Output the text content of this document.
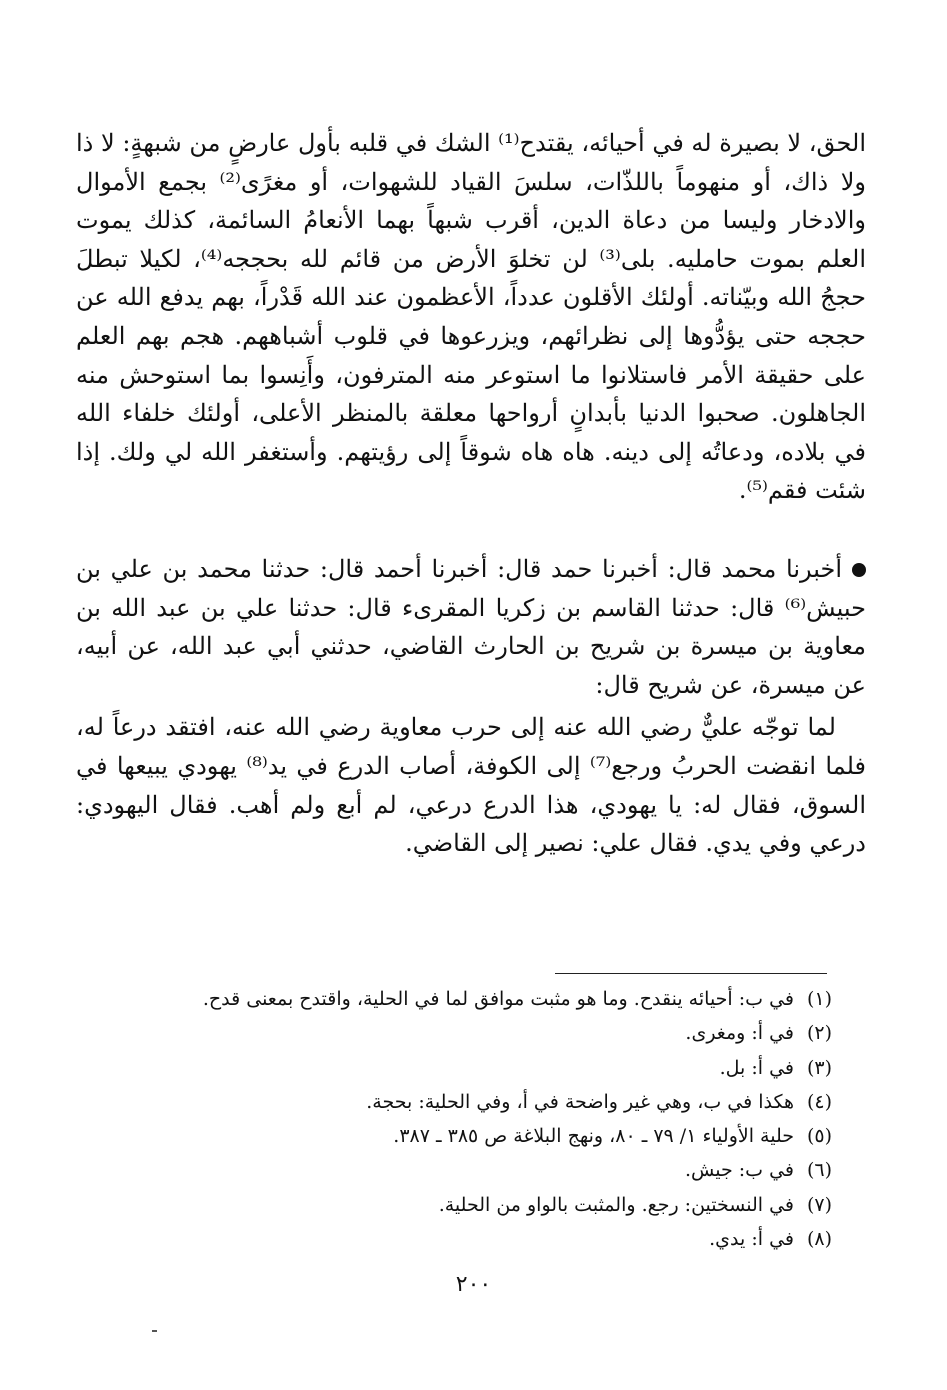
الحق، لا بصيرة له في أحيائه، يقتدح⁽¹⁾ الشك في قلبه بأول عارضٍ من شبهةٍ: لا ذا ولا ذاك، أو منهوماً باللذّات، سلسَ القياد للشهوات، أو مغرًى⁽²⁾ بجمع الأموال والادخار وليسا من دعاة الدين، أقرب شبهاً بهما الأنعامُ السائمة، كذلك يموت العلم بموت حامليه. بلى⁽³⁾ لن تخلوَ الأرض من قائم لله بحججه⁽⁴⁾، لكيلا تبطلَ حججُ الله وبيّناته. أولئك الأقلون عدداً، الأعظمون عند الله قَدْراً، بهم يدفع الله عن حججه حتى يؤدُّوها إلى نظرائهم، ويزرعوها في قلوب أشباههم. هجم بهم العلم على حقيقة الأمر فاستلانوا ما استوعر منه المترفون، وأَنِسوا بما استوحش منه الجاهلون. صحبوا الدنيا بأبدانٍ أرواحها معلقة بالمنظر الأعلى، أولئك خلفاء الله في بلاده، ودعاتُه إلى دينه. هاه هاه شوقاً إلى رؤيتهم. وأستغفر الله لي ولك. إذا شئت فقم⁽⁵⁾.

أخبرنا محمد قال: أخبرنا حمد قال: أخبرنا أحمد قال: حدثنا محمد بن علي بن حبيش⁽⁶⁾ قال: حدثنا القاسم بن زكريا المقرىء قال: حدثنا علي بن عبد الله بن معاوية بن ميسرة بن شريح بن الحارث القاضي، حدثني أبي عبد الله، عن أبيه، عن ميسرة، عن شريح قال:

لما توجّه عليٌّ رضي الله عنه إلى حرب معاوية رضي الله عنه، افتقد درعاً له، فلما انقضت الحربُ ورجع⁽⁷⁾ إلى الكوفة، أصاب الدرع في يد⁽⁸⁾ يهودي يبيعها في السوق، فقال له: يا يهودي، هذا الدرع درعي، لم أبع ولم أهب. فقال اليهودي: درعي وفي يدي. فقال علي: نصير إلى القاضي.

(١)
في ب: أحيائه ينقدح. وما هو مثبت موافق لما في الحلية، واقتدح بمعنى قدح.
(٢)
في أ: ومغرى.
(٣)
في أ: بل.
(٤)
هكذا في ب، وهي غير واضحة في أ، وفي الحلية: بحجة.
(٥)
حلية الأولياء ١/ ٧٩ ـ ٨٠، ونهج البلاغة ص ٣٨٥ ـ ٣٨٧.
(٦)
في ب: جيش.
(٧)
في النسختين: رجع. والمثبت بالواو من الحلية.
(٨)
في أ: يدي.
٢٠٠
